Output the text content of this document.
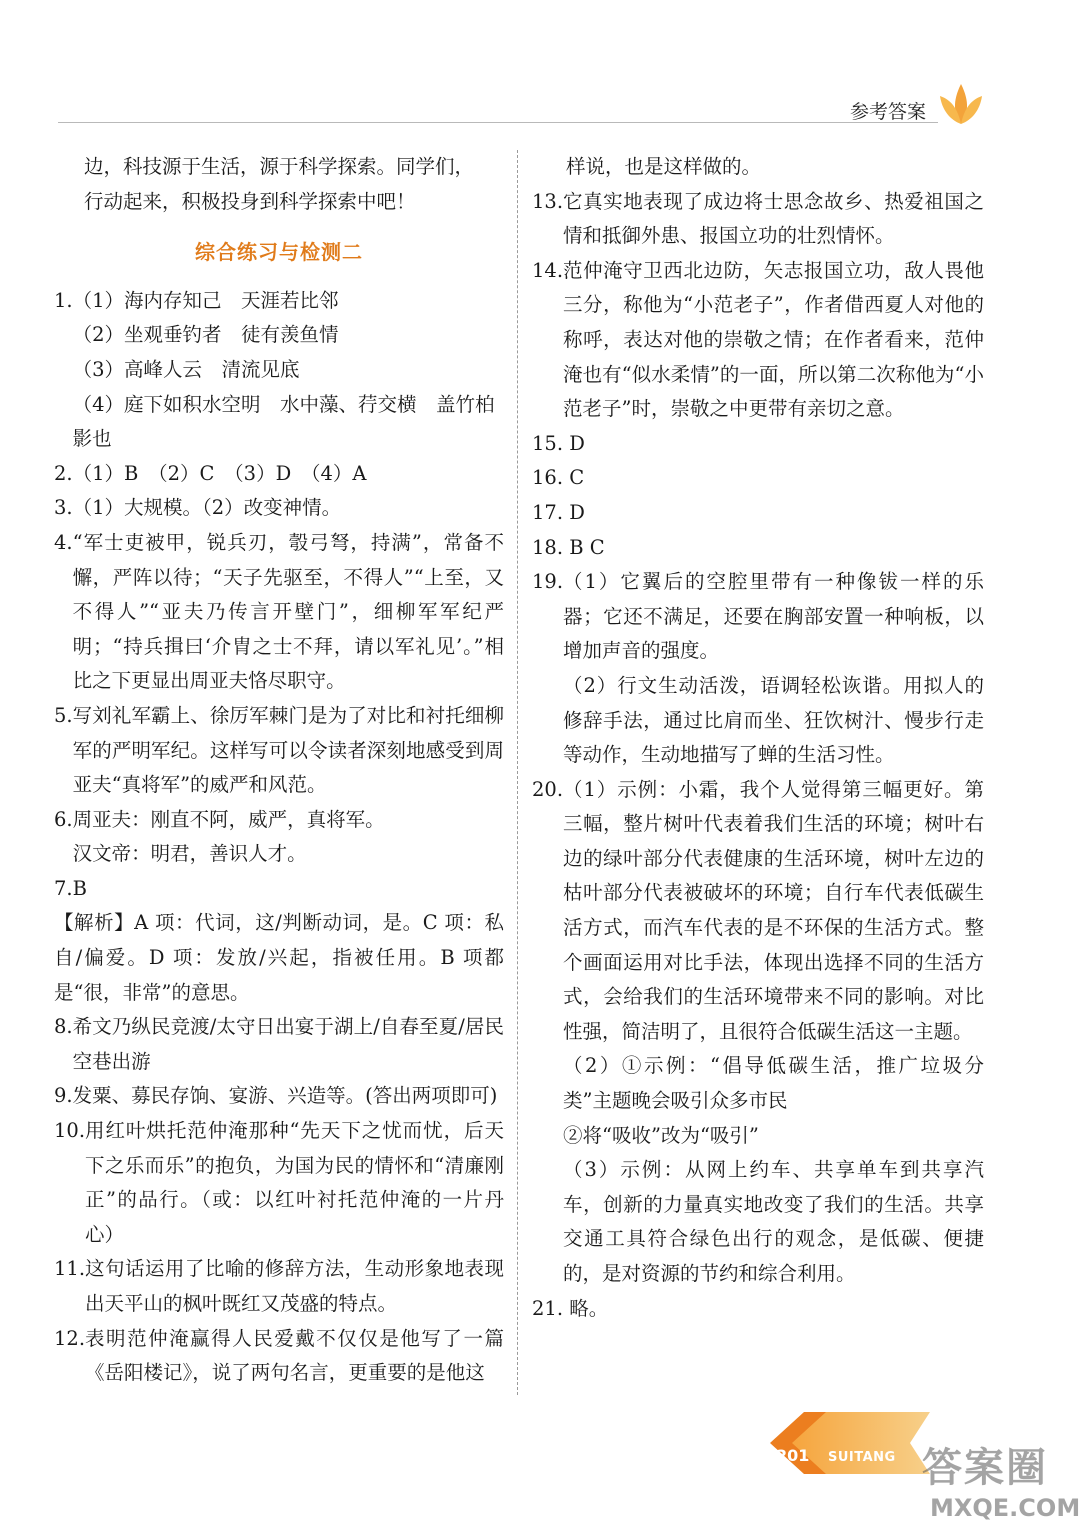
参考答案

边，科技源于生活，源于科学探索。同学们，

行动起来，积极投身到科学探索中吧！

综合练习与检测二
1. （1）海内存知己　天涯若比邻

（2）坐观垂钓者　徒有羡鱼情

（3）高峰人云　清流见底

（4）庭下如积水空明　水中藻、荇交横　盖竹柏

影也

2. （1）B　（2）C　（3）D　（4）A
3. （1）大规模。（2）改变神情。
4. “军士吏被甲，锐兵刃，彀弓弩，持满”，常备不懈，严阵以待；“天子先驱至，不得人”“上至，又不得人”“亚夫乃传言开壁门”，细柳军军纪严明；“持兵揖曰‘介胄之士不拜，请以军礼见’。”相比之下更显出周亚夫恪尽职守。

5. 写刘礼军霸上、徐厉军棘门是为了对比和衬托细柳军的严明军纪。这样写可以令读者深刻地感受到周亚夫“真将军”的威严和风范。

6. 周亚夫：刚直不阿，威严，真将军。

汉文帝：明君，善识人才。

7. B

【解析】A 项：代词，这/判断动词，是。C 项：私自/偏爱。D 项：发放/兴起，指被任用。B 项都是“很，非常”的意思。

8. 希文乃纵民竞渡/太守日出宴于湖上/自春至夏/居民空巷出游

9. 发粟、募民存饷、宴游、兴造等。(答出两项即可)

10. 用红叶烘托范仲淹那种“先天下之忧而忧，后天下之乐而乐”的抱负，为国为民的情怀和“清廉刚正”的品行。（或：以红叶衬托范仲淹的一片丹心）

11. 这句话运用了比喻的修辞方法，生动形象地表现出天平山的枫叶既红又茂盛的特点。

12. 表明范仲淹赢得人民爱戴不仅仅是他写了一篇《岳阳楼记》，说了两句名言，更重要的是他这

样说，也是这样做的。

13. 它真实地表现了成边将士思念故乡、热爱祖国之情和抵御外患、报国立功的壮烈情怀。

14. 范仲淹守卫西北边防，矢志报国立功，敌人畏他三分，称他为“小范老子”，作者借西夏人对他的称呼，表达对他的崇敬之情；在作者看来，范仲淹也有“似水柔情”的一面，所以第二次称他为“小范老子”时，崇敬之中更带有亲切之意。

15. D

16. C

17. D

18. B C

19. （1）它翼后的空腔里带有一种像钹一样的乐器；它还不满足，还要在胸部安置一种响板，以增加声音的强度。

（2）行文生动活泼，语调轻松诙谐。用拟人的修辞手法，通过比肩而坐、狂饮树汁、慢步行走等动作，生动地描写了蝉的生活习性。

20. （1）示例：小霜，我个人觉得第三幅更好。第三幅，整片树叶代表着我们生活的环境；树叶右边的绿叶部分代表健康的生活环境，树叶左边的枯叶部分代表被破坏的环境；自行车代表低碳生活方式，而汽车代表的是不环保的生活方式。整个画面运用对比手法，体现出选择不同的生活方式，会给我们的生活环境带来不同的影响。对比性强，简洁明了，且很符合低碳生活这一主题。

（2）①示例：“倡导低碳生活，推广垃圾分类”主题晚会吸引众多市民

②将“吸收”改为“吸引”

（3）示例：从网上约车、共享单车到共享汽车，创新的力量真实地改变了我们的生活。共享交通工具符合绿色出行的观念，是低碳、便捷的，是对资源的节约和综合利用。

21. 略。

201 SUITANG 答案圈
MXQE.COM
